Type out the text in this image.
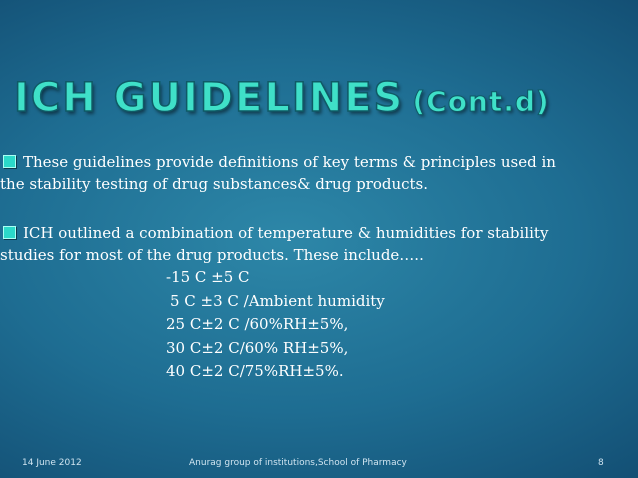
ICH GUIDELINES (Cont.d)

These guidelines provide definitions of key terms & principles used in
the stability testing of drug substances& drug products.

ICH outlined a combination of temperature & humidities for stability
studies for most of the drug products. These include…..

-15 C ±5 C
5 C ±3 C /Ambient humidity
25 C±2 C /60%RH±5%,
30 C±2 C/60% RH±5%,
40 C±2 C/75%RH±5%.
14 June 2012	Anurag group of institutions,School of Pharmacy	8
